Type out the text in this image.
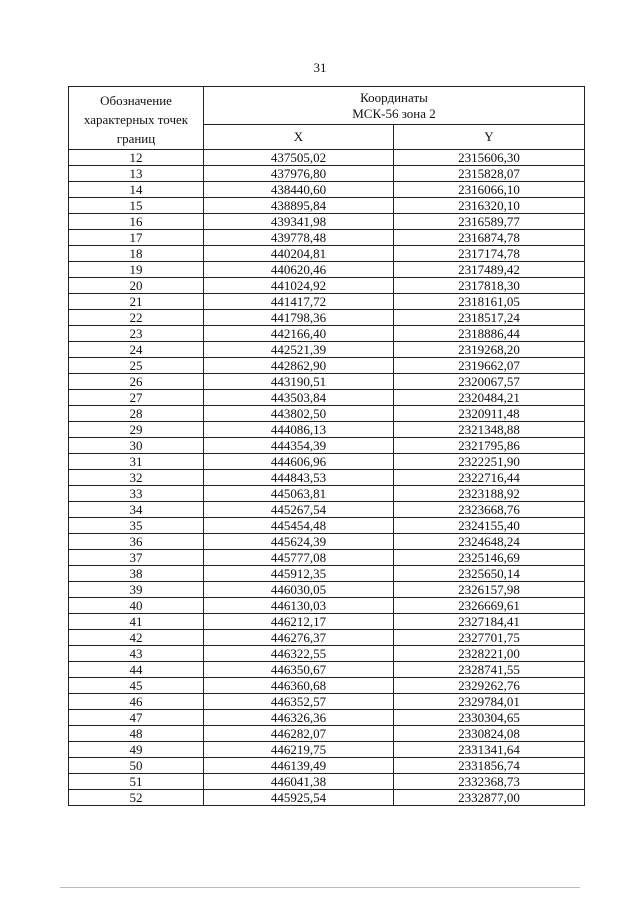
31
Обозначение характерных точек границ	Координаты
МСК-56 зона 2	

	X	Y
12	437505,02	2315606,30
13	437976,80	2315828,07
14	438440,60	2316066,10
15	438895,84	2316320,10
16	439341,98	2316589,77
17	439778,48	2316874,78
18	440204,81	2317174,78
19	440620,46	2317489,42
20	441024,92	2317818,30
21	441417,72	2318161,05
22	441798,36	2318517,24
23	442166,40	2318886,44
24	442521,39	2319268,20
25	442862,90	2319662,07
26	443190,51	2320067,57
27	443503,84	2320484,21
28	443802,50	2320911,48
29	444086,13	2321348,88
30	444354,39	2321795,86
31	444606,96	2322251,90
32	444843,53	2322716,44
33	445063,81	2323188,92
34	445267,54	2323668,76
35	445454,48	2324155,40
36	445624,39	2324648,24
37	445777,08	2325146,69
38	445912,35	2325650,14
39	446030,05	2326157,98
40	446130,03	2326669,61
41	446212,17	2327184,41
42	446276,37	2327701,75
43	446322,55	2328221,00
44	446350,67	2328741,55
45	446360,68	2329262,76
46	446352,57	2329784,01
47	446326,36	2330304,65
48	446282,07	2330824,08
49	446219,75	2331341,64
50	446139,49	2331856,74
51	446041,38	2332368,73
52	445925,54	2332877,00
